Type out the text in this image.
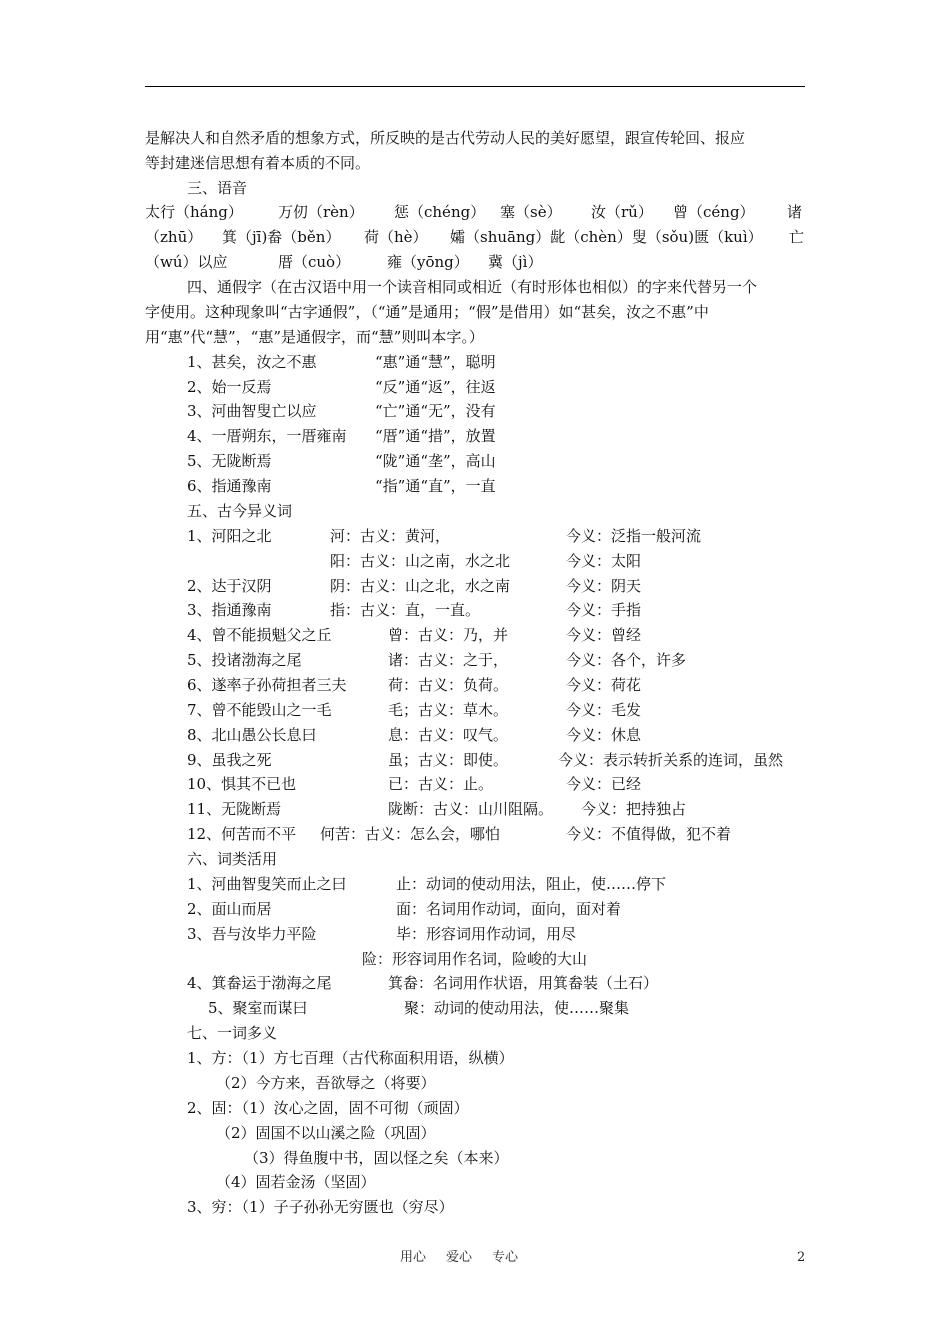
是解决人和自然矛盾的想象方式，所反映的是古代劳动人民的美好愿望，跟宣传轮回、报应
等封建迷信思想有着本质的不同。
三、语音
太行（háng） 万仞（rèn） 惩（chéng） 塞（sè） 汝（rǔ） 曾（céng） 诸
（zhū） 箕（jī)畚（běn） 荷（hè） 孀（shuāng）龀（chèn）叟（sǒu)匮（kuì） 亡
（wú）以应	厝（cuò） 雍（yōng） 冀（jì）
四、通假字（在古汉语中用一个读音相同或相近（有时形体也相似）的字来代替另一个
字使用。这种现象叫“古字通假”，（“通”是通用；“假”是借用）如“甚矣，汝之不惠”中
用“惠”代“慧”，“惠”是通假字，而“慧”则叫本字。）
1、甚矣，汝之不惠	“惠”通“慧”，聪明
2、始一反焉	“反”通“返”，往返
3、河曲智叟亡以应	“亡”通“无”，没有
4、一厝朔东，一厝雍南 “厝”通“措”，放置
5、无陇断焉	“陇”通“垄”，高山
6、指通豫南	“指”通“直”，一直
五、古今异义词
1、河阳之北	河：古义：黄河，	今义：泛指一般河流
阳：古义：山之南，水之北	今义：太阳
2、达于汉阴	阴：古义：山之北，水之南	今义：阴天
3、指通豫南	指：古义：直，一直。	今义：手指
4、曾不能损魁父之丘	曾：古义：乃，并	今义：曾经
5、投诸渤海之尾	诸：古义：之于，	今义：各个，许多
6、遂率子孙荷担者三夫	荷：古义：负荷。	今义：荷花
7、曾不能毁山之一毛	毛；古义：草木。	今义：毛发
8、北山愚公长息曰	息：古义：叹气。	今义：休息
9、虽我之死	虽；古义：即使。	今义：表示转折关系的连词，虽然
10、惧其不已也	已：古义：止。	今义：已经
11、无陇断焉	陇断：古义：山川阻隔。 今义：把持独占
12、何苦而不平 何苦：古义：怎么会，哪怕	今义：不值得做，犯不着
六、词类活用
1、河曲智叟笑而止之曰	止：动词的使动用法，阻止，使……停下
2、面山而居	面：名词用作动词，面向，面对着
3、吾与汝毕力平险	毕：形容词用作动词，用尽
险：形容词用作名词，险峻的大山
4、箕畚运于渤海之尾	箕畚：名词用作状语，用箕畚装（土石）
5、聚室而谋曰	聚：动词的使动用法，使……聚集
七、一词多义
1、方：（1）方七百理（古代称面积用语，纵横）
（2）今方来，吾欲辱之（将要）
2、固：（1）汝心之固，固不可彻（顽固）
（2）固国不以山溪之险（巩固）
（3）得鱼腹中书，固以怪之矣（本来）
（4）固若金汤（坚固）
3、穷：（1）子子孙孙无穷匮也（穷尽）
用心 爱心 专心	2
